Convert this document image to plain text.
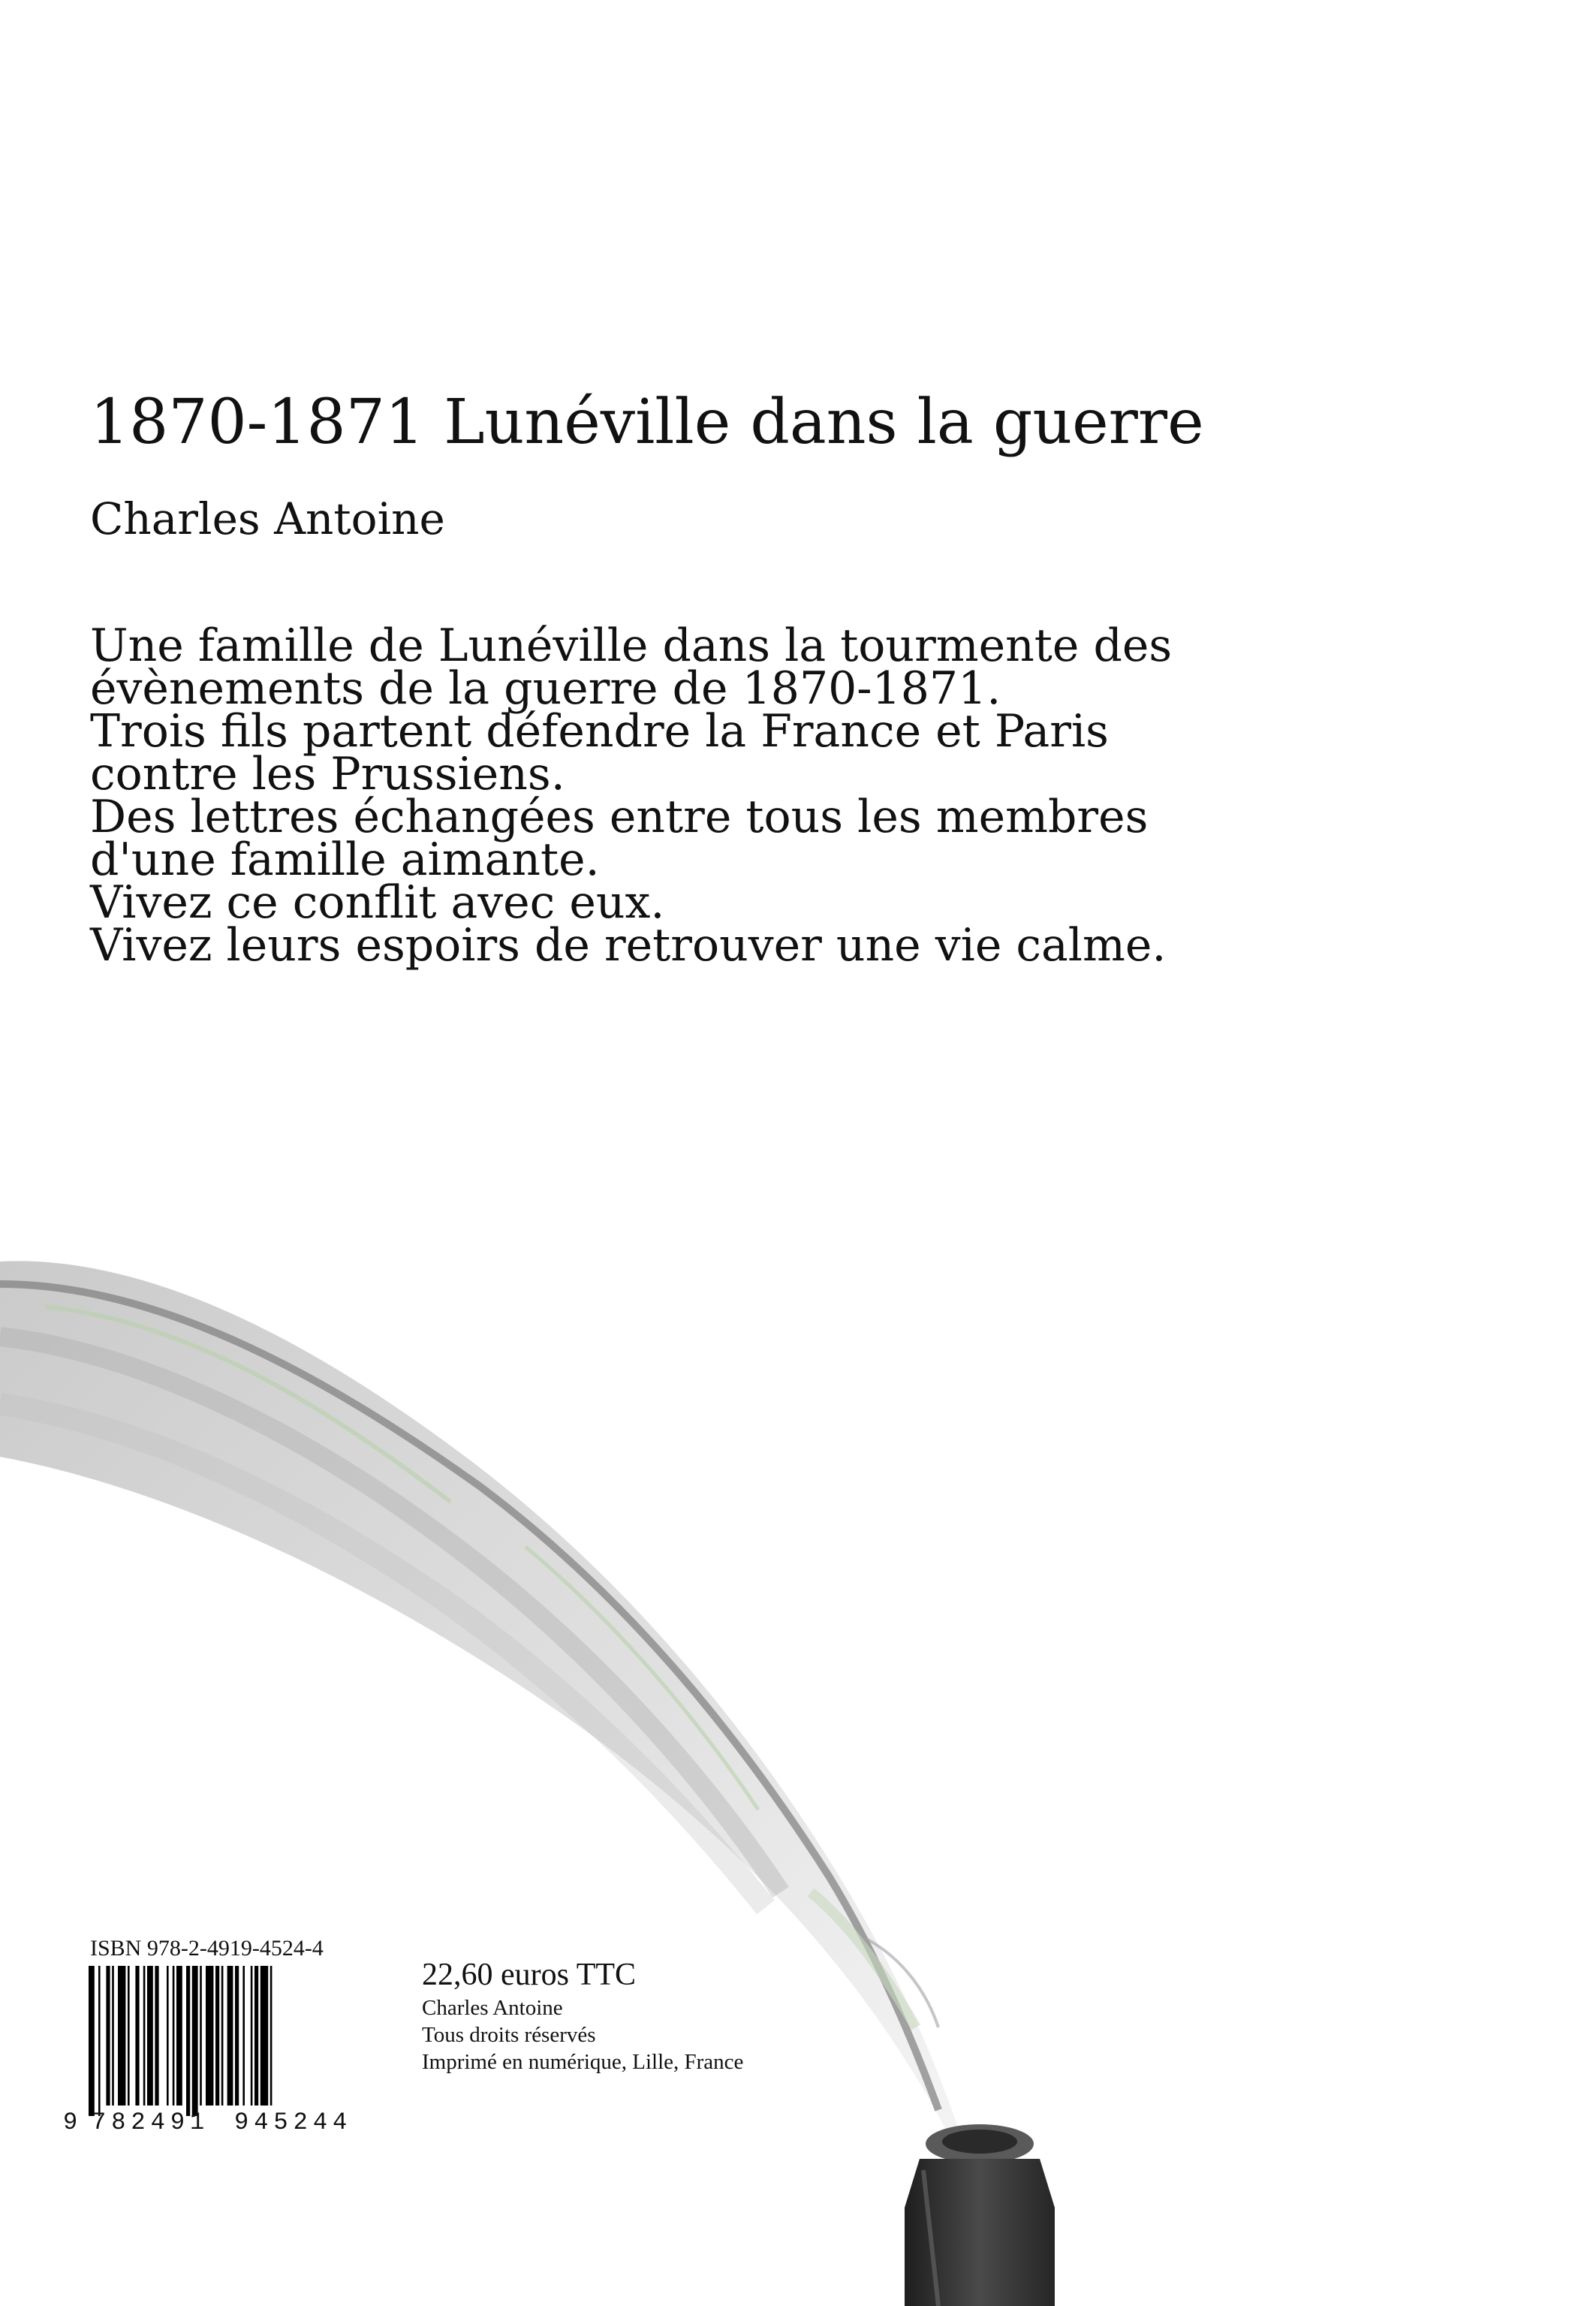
1870-1871 Lunéville dans la guerre
Charles Antoine
Une famille de Lunéville dans la tourmente des
évènements de la guerre de 1870-1871.
Trois fils partent défendre la France et Paris
contre les Prussiens.
Des lettres échangées entre tous les membres
d'une famille aimante.
Vivez ce conflit avec eux.
Vivez leurs espoirs de retrouver une vie calme.
ISBN 978-2-4919-4524-4
9 782491 945244
22,60 euros TTC
Charles Antoine
Tous droits réservés
Imprimé en numérique, Lille, France
